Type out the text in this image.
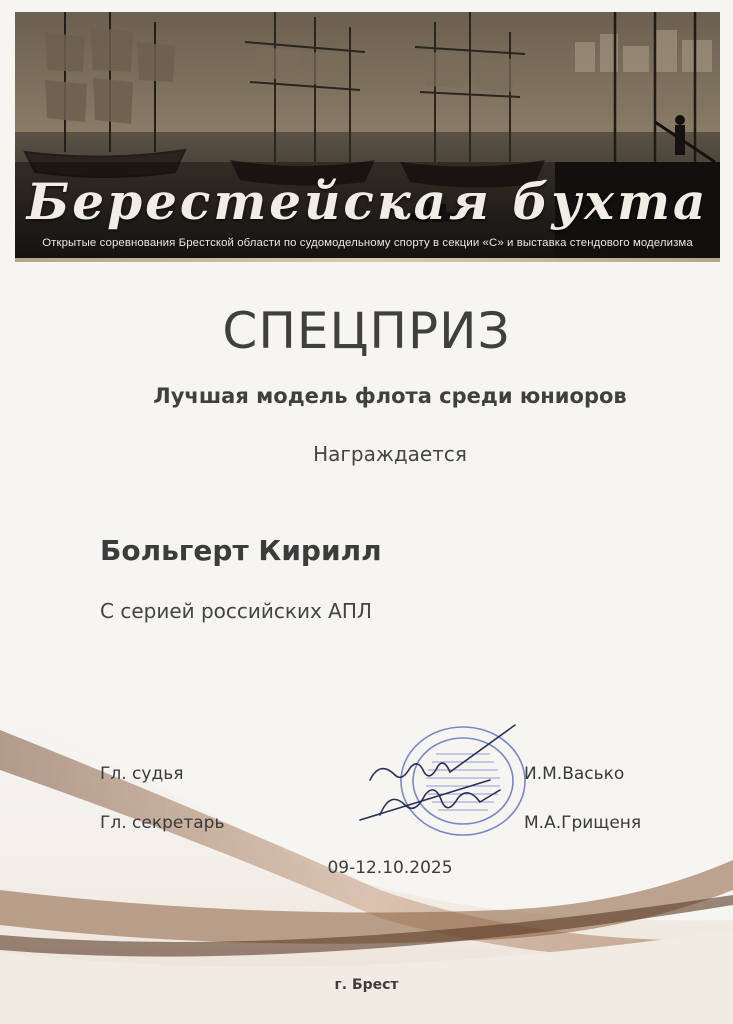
Берестейская бухта
Открытые соревнования Брестской области по судомодельному спорту в секции «С» и выставка стендового моделизма
СПЕЦПРИЗ
Лучшая модель флота среди юниоров
Награждается
Больгерт Кирилл
С серией российских АПЛ
Гл. судья	И.М.Васько
Гл. секретарь	М.А.Грищеня
09-12.10.2025
г. Брест
